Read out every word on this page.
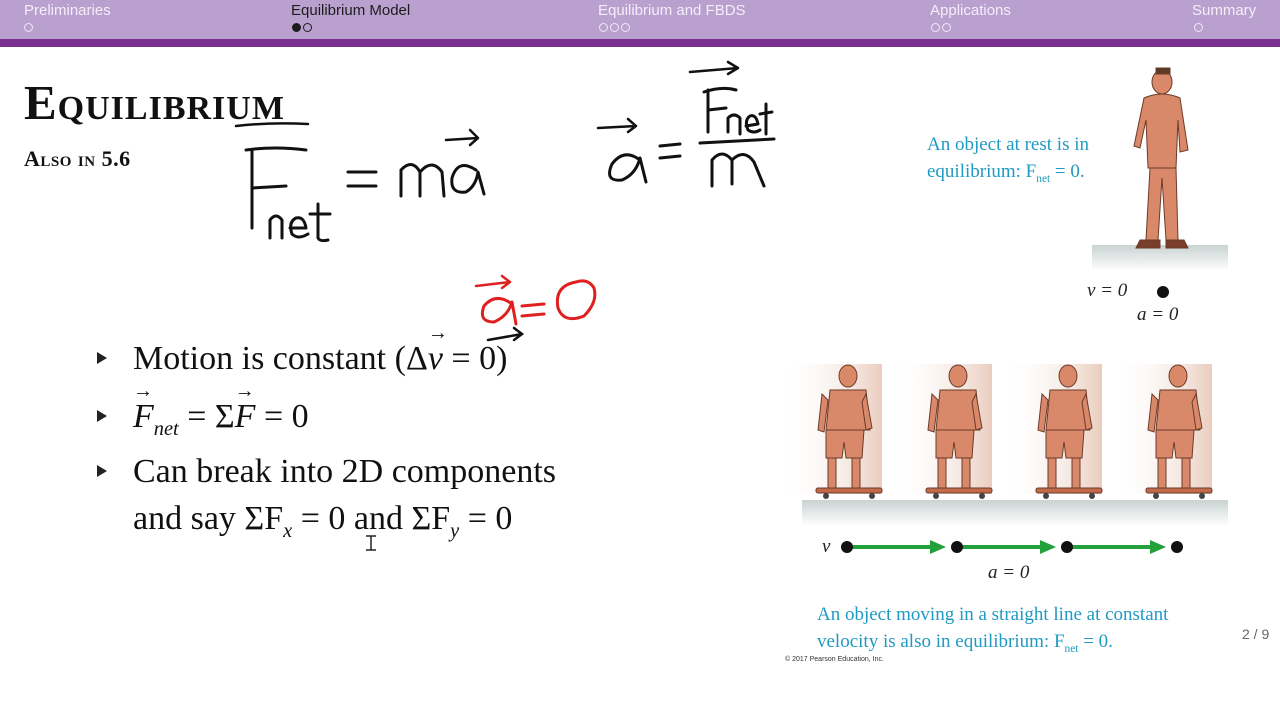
Preliminaries	Equilibrium Model	Equilibrium and FBDS	Applications	Summary
Equilibrium
Also in 5.6
Motion is constant (Δ→ v = 0)
→ $F_{net} = \Sigma\to F = 0$
Can break into 2D components
and say $\Sigma F_x = 0$ and $\Sigma F_y = 0$
An object at rest is in
equilibrium: $F_{net} = 0$.
v = 0
a = 0
v
a = 0
An object moving in a straight line at constant
velocity is also in equilibrium: $F_{net} = 0$.
© 2017 Pearson Education, Inc.
2 / 9
